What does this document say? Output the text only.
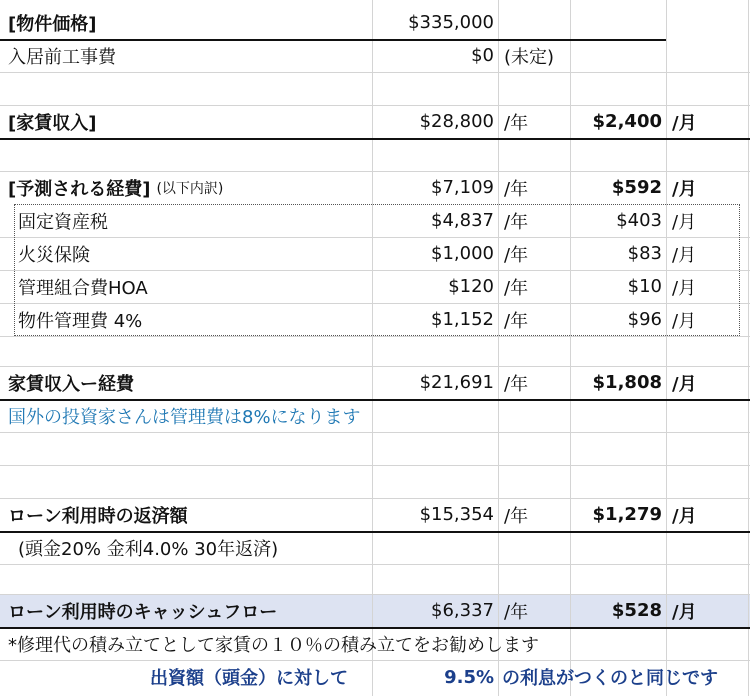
[物件価格]	$335,000
入居前工事費	$0 (未定)
[家賃収入]	$28,800 /年	$2,400 /月
[予測される経費] (以下内訳)	$7,109 /年	$592 /月
固定資産税	$4,837 /年	$403 /月
火災保険	$1,000 /年	$83 /月
管理組合費HOA	$120 /年	$10 /月
物件管理費 4%	$1,152 /年	$96 /月
家賃収入ー経費	$21,691 /年	$1,808 /月
国外の投資家さんは管理費は8%になります
ローン利用時の返済額	$15,354 /年	$1,279 /月
(頭金20% 金利4.0% 30年返済)
ローン利用時のキャッシュフロー	$6,337 /年	$528 /月
*修理代の積み立てとして家賃の１０％の積み立てをお勧めします
出資額（頭金）に対して	9.5% の利息がつくのと同じです
